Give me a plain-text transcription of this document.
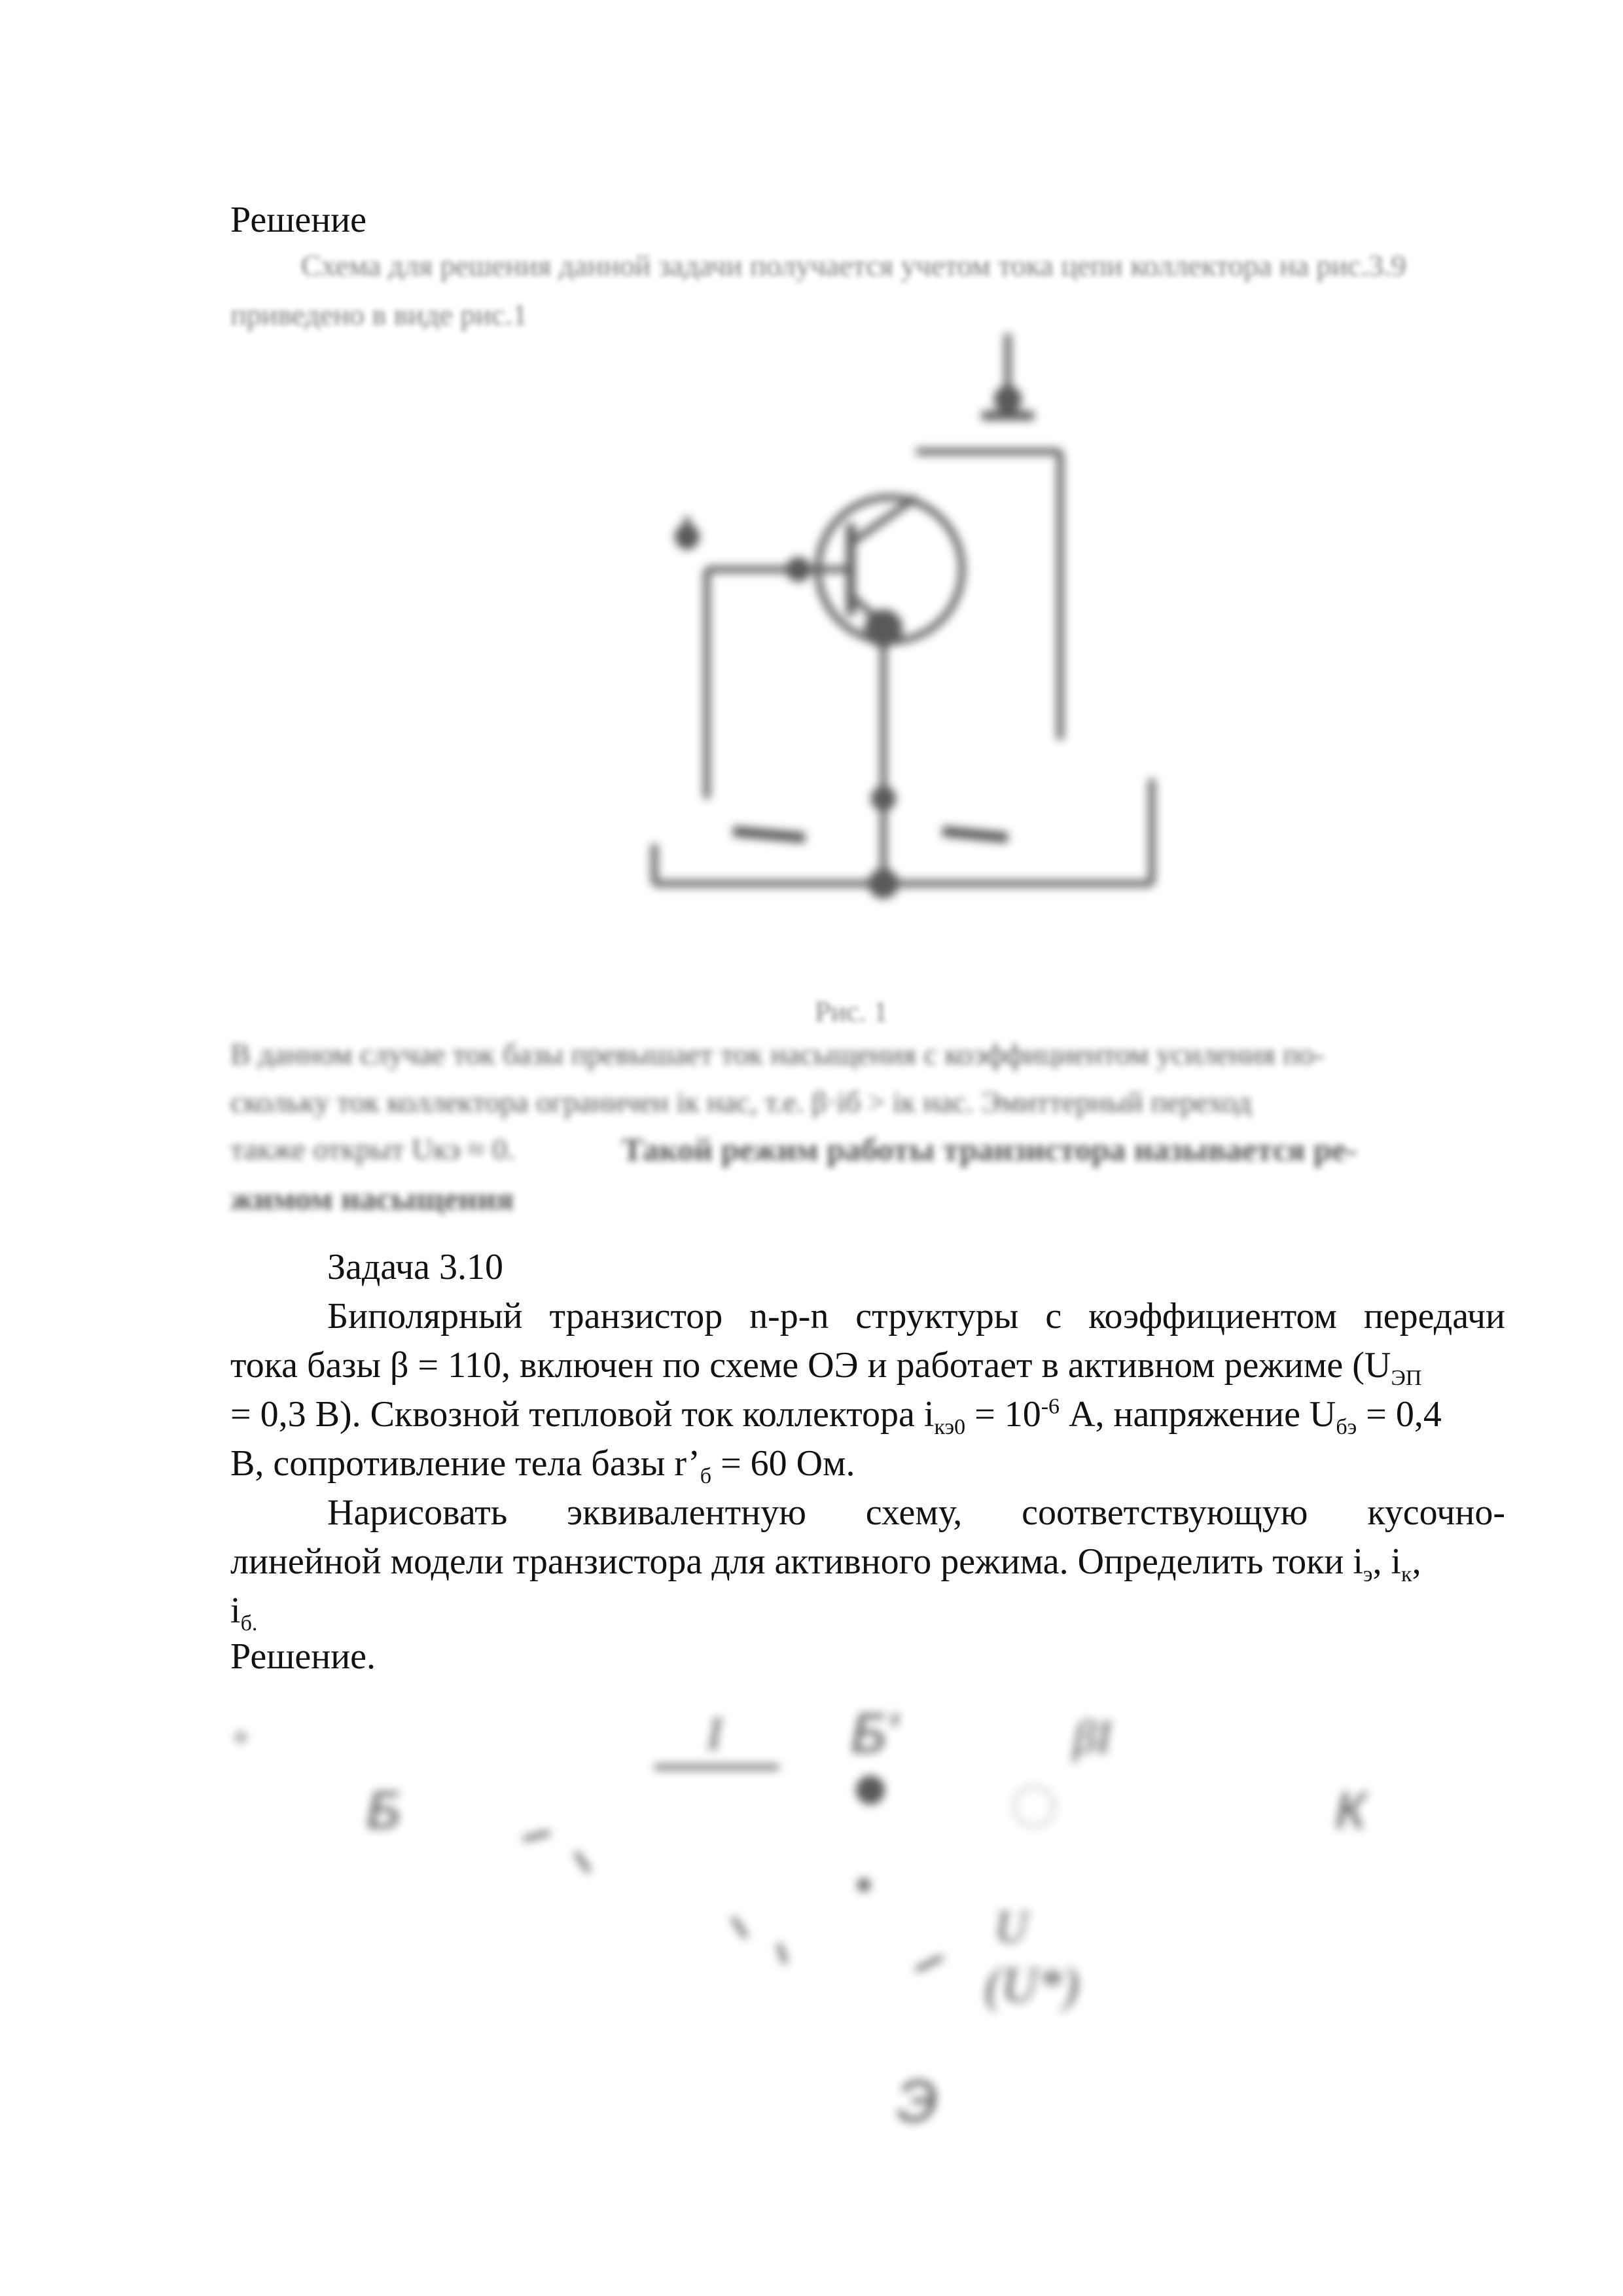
Решение
Схема для решения данной задачи получается учетом тока цепи коллектора на рис.3.9
приведено в виде рис.1
Рис. 1
В данном случае ток базы превышает ток насыщения с коэффициентом усиления по-
скольку ток коллектора ограничен iк нас, т.е. β·iб > iк нас. Эмиттерный переход
также открыт Uкэ ≈ 0.	Такой режим работы транзистора называется ре-
жимом насыщения
Задача 3.10
Биполярный транзистор n-p-n структуры с коэффициентом передачи
тока базы β = 110, включен по схеме ОЭ и работает в активном режиме ($U_{ЭП}$
= 0,3 В). Сквозной тепловой ток коллектора $i_{кэ0} = 10^{-6}$ А, напряжение $U_{бэ} = 0,4$
В, сопротивление тела базы $r’_б = 60$ Ом.
Нарисовать эквивалентную схему, соответствующую кусочно-
линейной модели транзистора для активного режима. Определить токи $i_э$, $i_к$,
$i_{б.}$
Решение.
+	I Б'	βI
Б	К
U
(U*)
Э
